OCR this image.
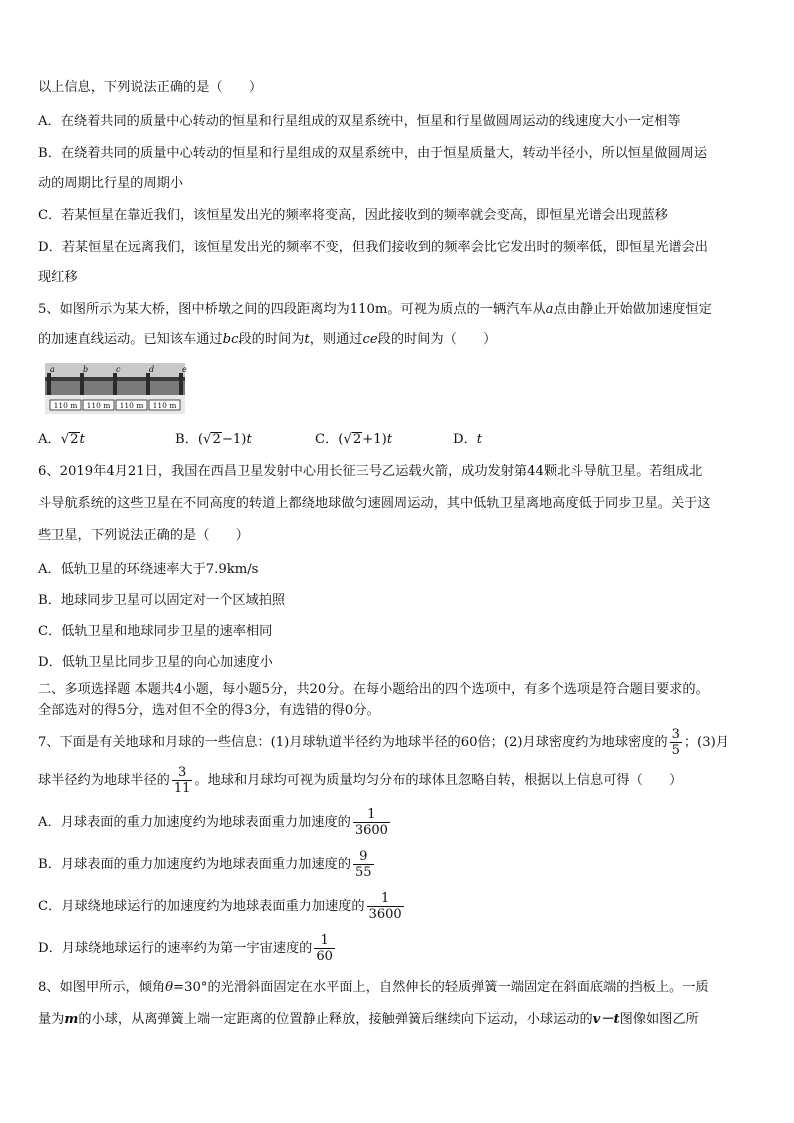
以上信息，下列说法正确的是（　　）
A．在绕着共同的质量中心转动的恒星和行星组成的双星系统中，恒星和行星做圆周运动的线速度大小一定相等
B．在绕着共同的质量中心转动的恒星和行星组成的双星系统中，由于恒星质量大，转动半径小，所以恒星做圆周运
动的周期比行星的周期小
C．若某恒星在靠近我们，该恒星发出光的频率将变高，因此接收到的频率就会变高，即恒星光谱会出现蓝移
D．若某恒星在远离我们，该恒星发出光的频率不变，但我们接收到的频率会比它发出时的频率低，即恒星光谱会出
现红移
5、如图所示为某大桥，图中桥墩之间的四段距离均为110m。可视为质点的一辆汽车从a点由静止开始做加速度恒定
的加速直线运动。已知该车通过bc段的时间为t，则通过ce段的时间为（　　）
A．√2t	B．(√2−1)t	C．(√2+1)t	D．t
6、2019年4月21日，我国在西昌卫星发射中心用长征三号乙运载火箭，成功发射第44颗北斗导航卫星。若组成北
斗导航系统的这些卫星在不同高度的转道上都绕地球做匀速圆周运动，其中低轨卫星离地高度低于同步卫星。关于这
些卫星，下列说法正确的是（　　）
A．低轨卫星的环绕速率大于7.9km/s
B．地球同步卫星可以固定对一个区域拍照
C．低轨卫星和地球同步卫星的速率相同
D．低轨卫星比同步卫星的向心加速度小
二、多项选择题 本题共4小题，每小题5分，共20分。在每小题给出的四个选项中，有多个选项是符合题目要求的。
全部选对的得5分，选对但不全的得3分，有选错的得0分。
7、下面是有关地球和月球的一些信息：(1)月球轨道半径约为地球半径的60倍；(2)月球密度约为地球密度的 $\frac{3}{5}$ ；(3)月
球半径约为地球半径的 $\frac{3}{11}$ 。地球和月球均可视为质量均匀分布的球体且忽略自转，根据以上信息可得（　　）
A．月球表面的重力加速度约为地球表面重力加速度的 $\frac{1}{3600}$
B．月球表面的重力加速度约为地球表面重力加速度的 $\frac{9}{55}$
C．月球绕地球运行的加速度约为地球表面重力加速度的 $\frac{1}{3600}$
D．月球绕地球运行的速率约为第一宇宙速度的 $\frac{1}{60}$
8、如图甲所示，倾角θ=30°的光滑斜面固定在水平面上，自然伸长的轻质弹簧一端固定在斜面底端的挡板上。一质
量为m的小球，从离弹簧上端一定距离的位置静止释放，接触弹簧后继续向下运动，小球运动的v－t图像如图乙所
a	b	c	d	e
110 m 110 m 110 m 110 m
